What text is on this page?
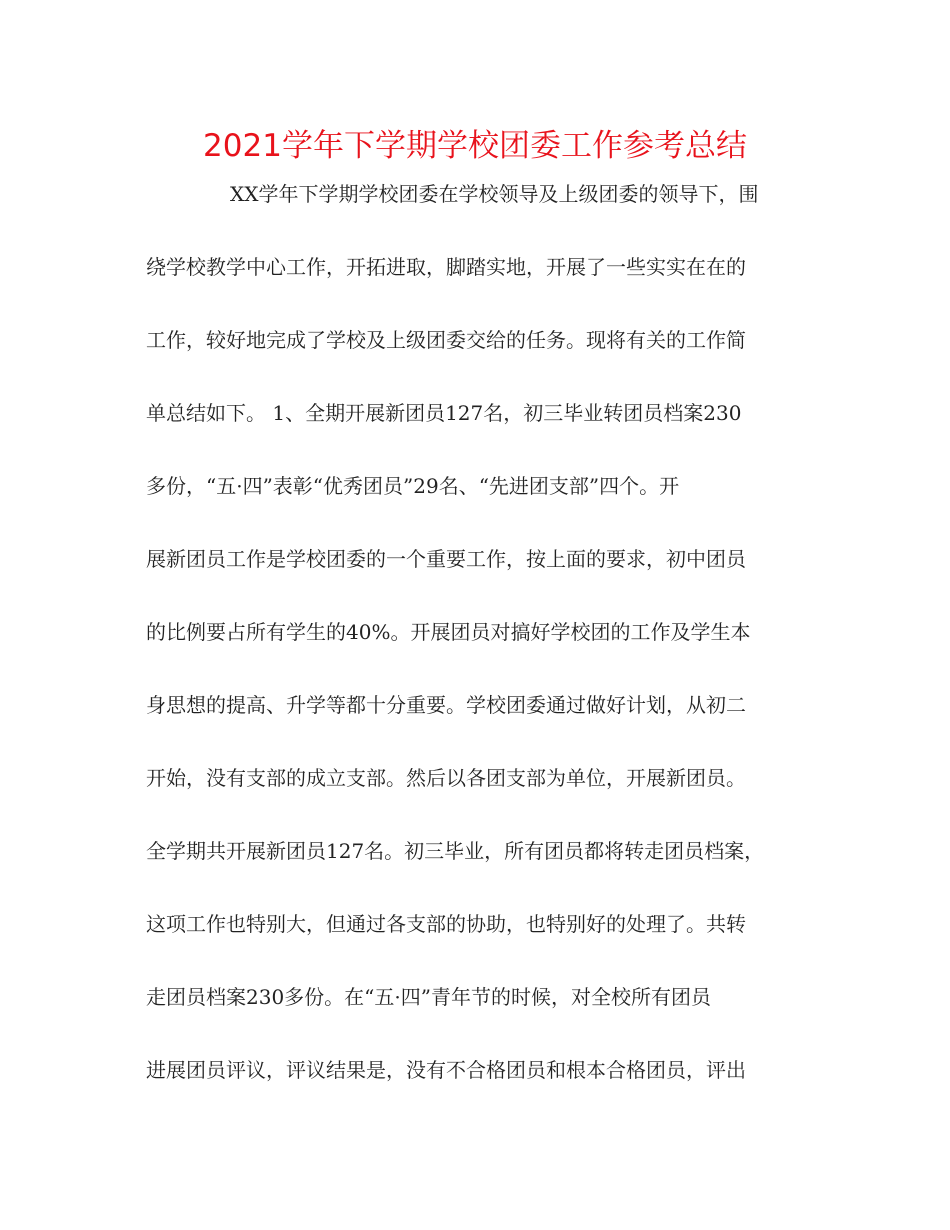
2021学年下学期学校团委工作参考总结
XX学年下学期学校团委在学校领导及上级团委的领导下，围
绕学校教学中心工作，开拓进取，脚踏实地，开展了一些实实在在的
工作，较好地完成了学校及上级团委交给的任务。现将有关的工作简
单总结如下。 1、全期开展新团员127名，初三毕业转团员档案230
多份，“五·四”表彰“优秀团员”29名、“先进团支部”四个。开
展新团员工作是学校团委的一个重要工作，按上面的要求，初中团员
的比例要占所有学生的40%。开展团员对搞好学校团的工作及学生本
身思想的提高、升学等都十分重要。学校团委通过做好计划，从初二
开始，没有支部的成立支部。然后以各团支部为单位，开展新团员。
全学期共开展新团员127名。初三毕业，所有团员都将转走团员档案，
这项工作也特别大，但通过各支部的协助，也特别好的处理了。共转
走团员档案230多份。在“五·四”青年节的时候，对全校所有团员
进展团员评议，评议结果是，没有不合格团员和根本合格团员，评出
